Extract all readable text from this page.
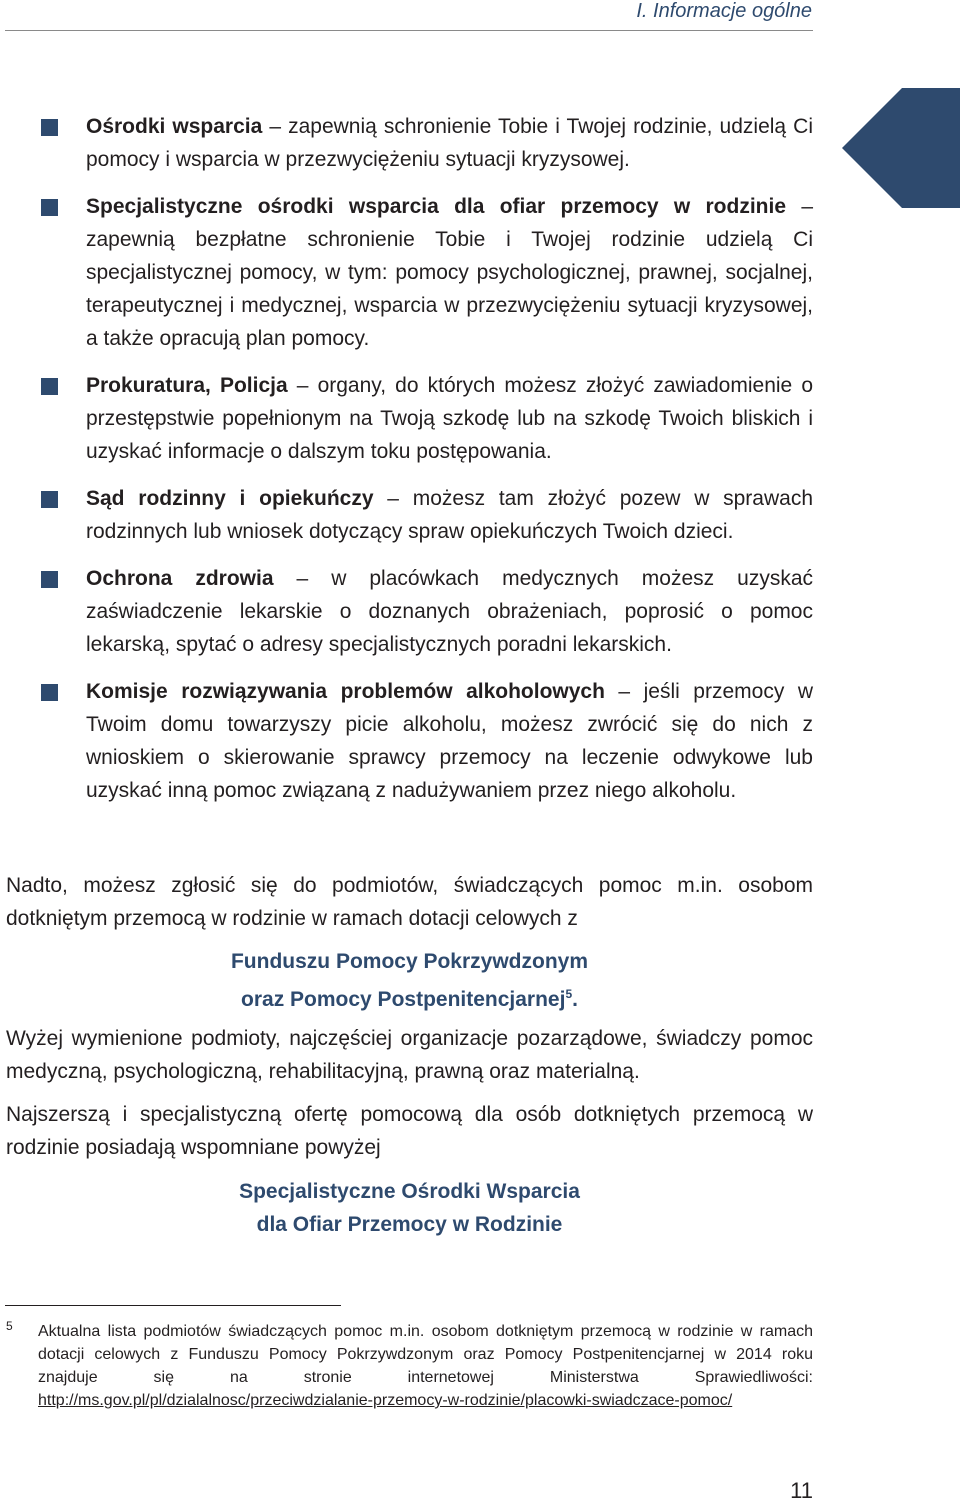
I. Informacje ogólne
Ośrodki wsparcia – zapewnią schronienie Tobie i Twojej rodzinie, udzielą Ci pomocy i wsparcia w przezwyciężeniu sytuacji kryzysowej.
Specjalistyczne ośrodki wsparcia dla ofiar przemocy w rodzinie – zapewnią bezpłatne schronienie Tobie i Twojej rodzinie udzielą Ci specjalistycznej pomocy, w tym: pomocy psychologicznej, prawnej, socjalnej, terapeutycznej i medycznej, wsparcia w przezwyciężeniu sytuacji kryzysowej, a także opracują plan pomocy.
Prokuratura, Policja – organy, do których możesz złożyć zawiadomienie o przestępstwie popełnionym na Twoją szkodę lub na szkodę Twoich bliskich i uzyskać informacje o dalszym toku postępowania.
Sąd rodzinny i opiekuńczy – możesz tam złożyć pozew w sprawach rodzinnych lub wniosek dotyczący spraw opiekuńczych Twoich dzieci.
Ochrona zdrowia – w placówkach medycznych możesz uzyskać zaświadczenie lekarskie o doznanych obrażeniach, poprosić o pomoc lekarską, spytać o adresy specjalistycznych poradni lekarskich.
Komisje rozwiązywania problemów alkoholowych – jeśli przemocy w Twoim domu towarzyszy picie alkoholu, możesz zwrócić się do nich z wnioskiem o skierowanie sprawcy przemocy na leczenie odwykowe lub uzyskać inną pomoc związaną z nadużywaniem przez niego alkoholu.

Nadto, możesz zgłosić się do podmiotów, świadczących pomoc m.in. osobom dotkniętym przemocą w rodzinie w ramach dotacji celowych z

Funduszu Pomocy Pokrzywdzonym
oraz Pomocy Postpenitencjarnej$^5$.

Wyżej wymienione podmioty, najczęściej organizacje pozarządowe, świadczy pomoc medyczną, psychologiczną, rehabilitacyjną, prawną oraz materialną.

Najszerszą i specjalistyczną ofertę pomocową dla osób dotkniętych przemocą w rodzinie posiadają wspomniane powyżej

Specjalistyczne Ośrodki Wsparcia
dla Ofiar Przemocy w Rodzinie
5 Aktualna lista podmiotów świadczących pomoc m.in. osobom dotkniętym przemocą w rodzinie w ramach dotacji celowych z Funduszu Pomocy Pokrzywdzonym oraz Pomocy Postpenitencjarnej w 2014 roku znajduje się na stronie internetowej Ministerstwa Sprawiedliwości: http://ms.gov.pl/pl/dzialalnosc/przeciwdzialanie-przemocy-w-rodzinie/placowki-swiadczace-pomoc/

11
